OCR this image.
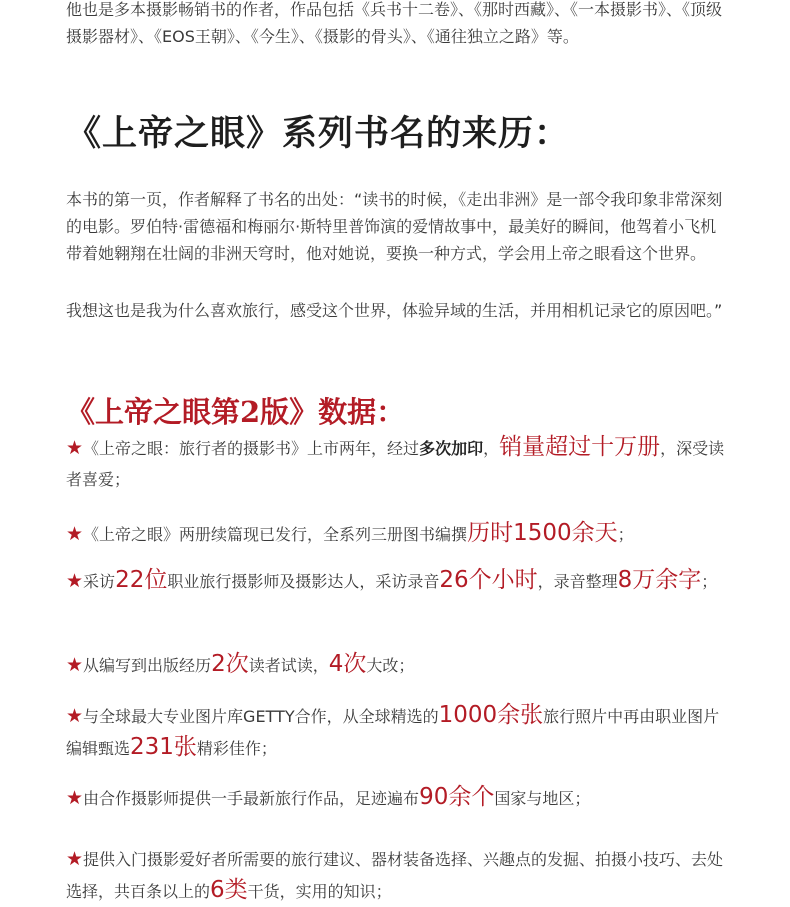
他也是多本摄影畅销书的作者，作品包括《兵书十二卷》、《那时西藏》、《一本摄影书》、《顶级摄影器材》、《EOS王朝》、《今生》、《摄影的骨头》、《通往独立之路》等。

《上帝之眼》系列书名的来历：

本书的第一页，作者解释了书名的出处：“读书的时候，《走出非洲》是一部令我印象非常深刻的电影。罗伯特·雷德福和梅丽尔·斯特里普饰演的爱情故事中，最美好的瞬间，他驾着小飞机带着她翱翔在壮阔的非洲天穹时，他对她说，要换一种方式，学会用上帝之眼看这个世界。

我想这也是我为什么喜欢旅行，感受这个世界，体验异域的生活，并用相机记录它的原因吧。”

《上帝之眼第2版》数据：
★《上帝之眼：旅行者的摄影书》上市两年，经过多次加印，销量超过十万册，深受读者喜爱；
★《上帝之眼》两册续篇现已发行，全系列三册图书编撰历时1500余天；
★采访22位职业旅行摄影师及摄影达人，采访录音26个小时，录音整理8万余字；
★从编写到出版经历2次读者试读，4次大改；
★与全球最大专业图片库GETTY合作，从全球精选的1000余张旅行照片中再由职业图片编辑甄选231张精彩佳作；
★由合作摄影师提供一手最新旅行作品，足迹遍布90余个国家与地区；
★提供入门摄影爱好者所需要的旅行建议、器材装备选择、兴趣点的发掘、拍摄小技巧、去处选择，共百条以上的6类干货，实用的知识；
